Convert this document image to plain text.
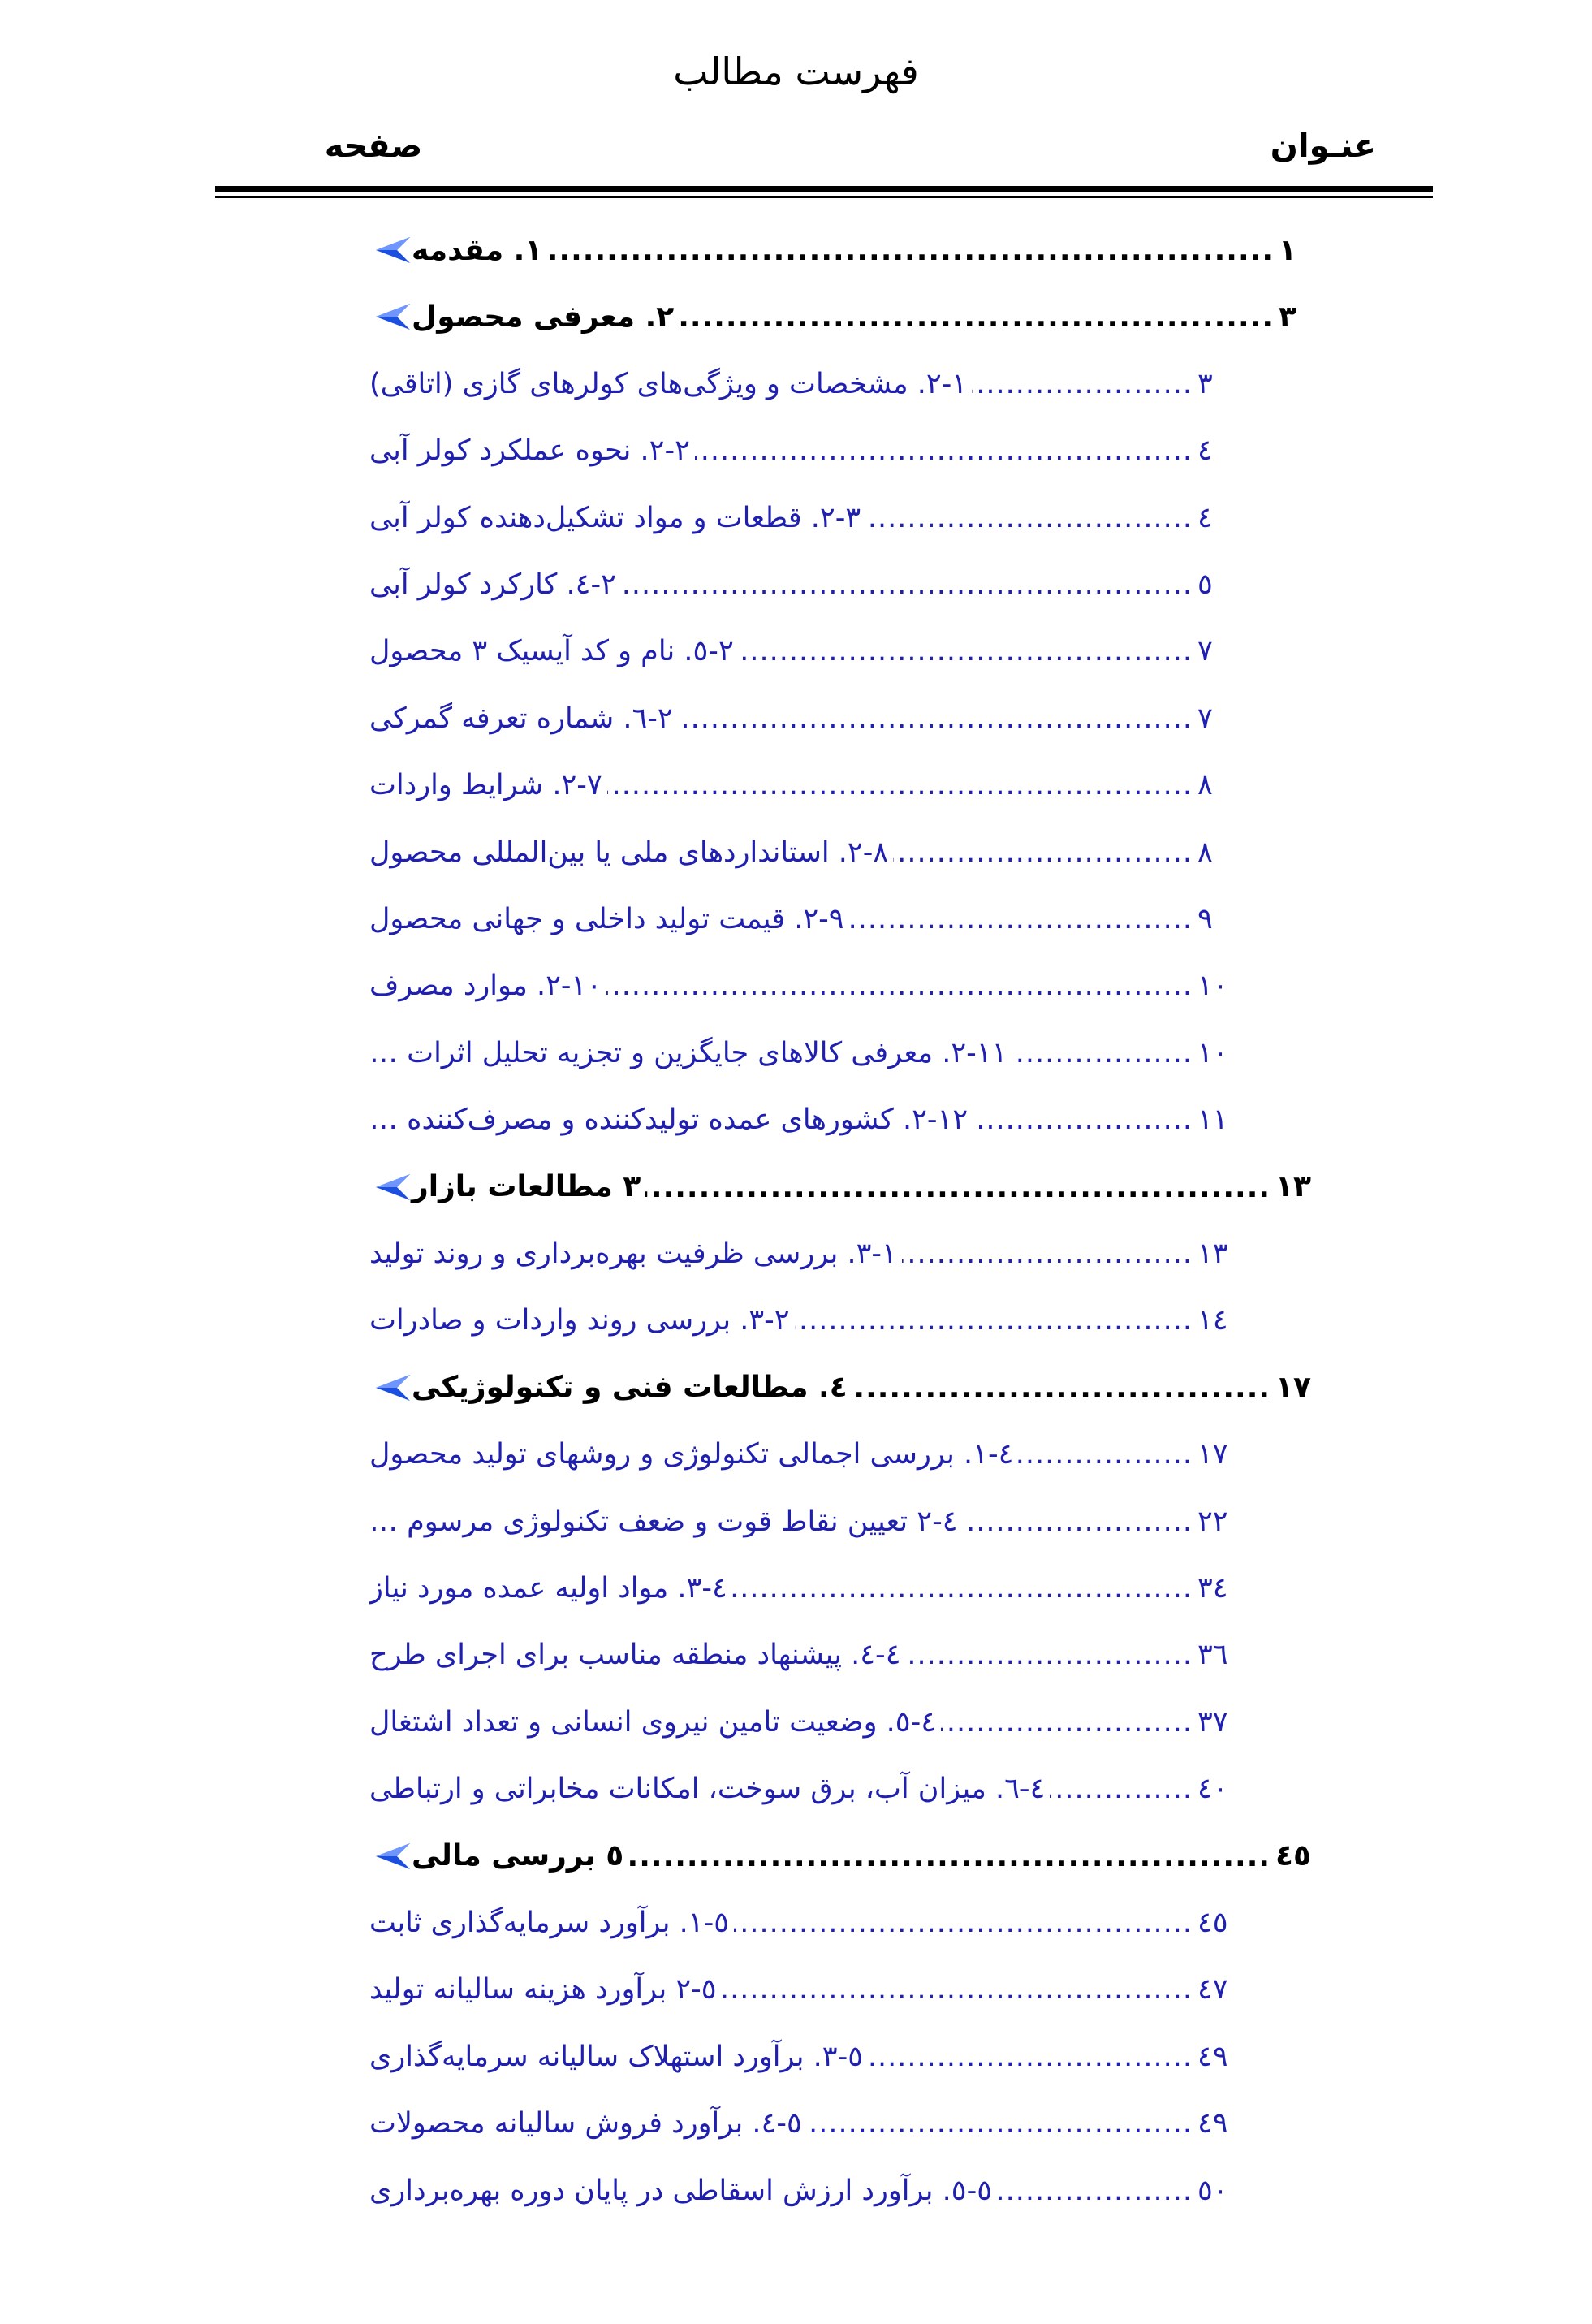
فهرست مطالب
عنـوان
صفحه
۱. مقدمه .....	۱
۲. معرفی محصول .....	۳
۲-۱. مشخصات و ویژگی‌های کولرهای گازی (اتاقی) .....	۳
۲-۲. نحوه عملکرد کولر آبی .....	٤
۲-۳. قطعات و مواد تشکیل‌دهنده کولر آبی .....	٤
۲-٤. کارکرد کولر آبی .....	٥
۲-٥. نام و کد آیسیک ۳ محصول .....	۷
۲-٦. شماره تعرفه گمرکی .....	۷
۲-۷. شرایط واردات .....	۸
۲-۸. استانداردهای ملی یا بین‌المللی محصول .....	۸
۲-۹. قیمت تولید داخلی و جهانی محصول .....	۹
۲-۱۰. موارد مصرف .....	۱۰
۲-۱۱. معرفی کالاهای جایگزین و تجزیه تحلیل اثرات … .....	۱۰
۲-۱۲. کشورهای عمده تولیدکننده و مصرف‌کننده … .....	۱۱
۳ مطالعات بازار .....	۱۳
۳-۱. بررسی ظرفیت بهره‌برداری و روند تولید .....	۱۳
۳-۲. بررسی روند واردات و صادرات .....	۱٤
٤. مطالعات فنی و تکنولوژیکی .....	۱۷
٤-۱. بررسی اجمالی تکنولوژی و روشهای تولید محصول .....	۱۷
٤-۲ تعیین نقاط قوت و ضعف تکنولوژی مرسوم … .....	۲۲
٤-۳. مواد اولیه عمده مورد نیاز .....	۳٤
٤-٤. پیشنهاد منطقه مناسب برای اجرای طرح .....	۳٦
٤-٥. وضعیت تامین نیروی انسانی و تعداد اشتغال .....	۳۷
٤-٦. میزان آب، برق سوخت، امکانات مخابراتی و ارتباطی .....	٤۰
٥ بررسی مالی .....	٤٥
٥-۱. برآورد سرمایه‌گذاری ثابت .....	٤٥
٥-۲ برآورد هزینه سالیانه تولید .....	٤۷
٥-۳. برآورد استهلاک سالیانه سرمایه‌گذاری .....	٤۹
٥-٤. برآورد فروش سالیانه محصولات .....	٤۹
٥-٥. برآورد ارزش اسقاطی در پایان دوره بهره‌برداری .....	٥۰
